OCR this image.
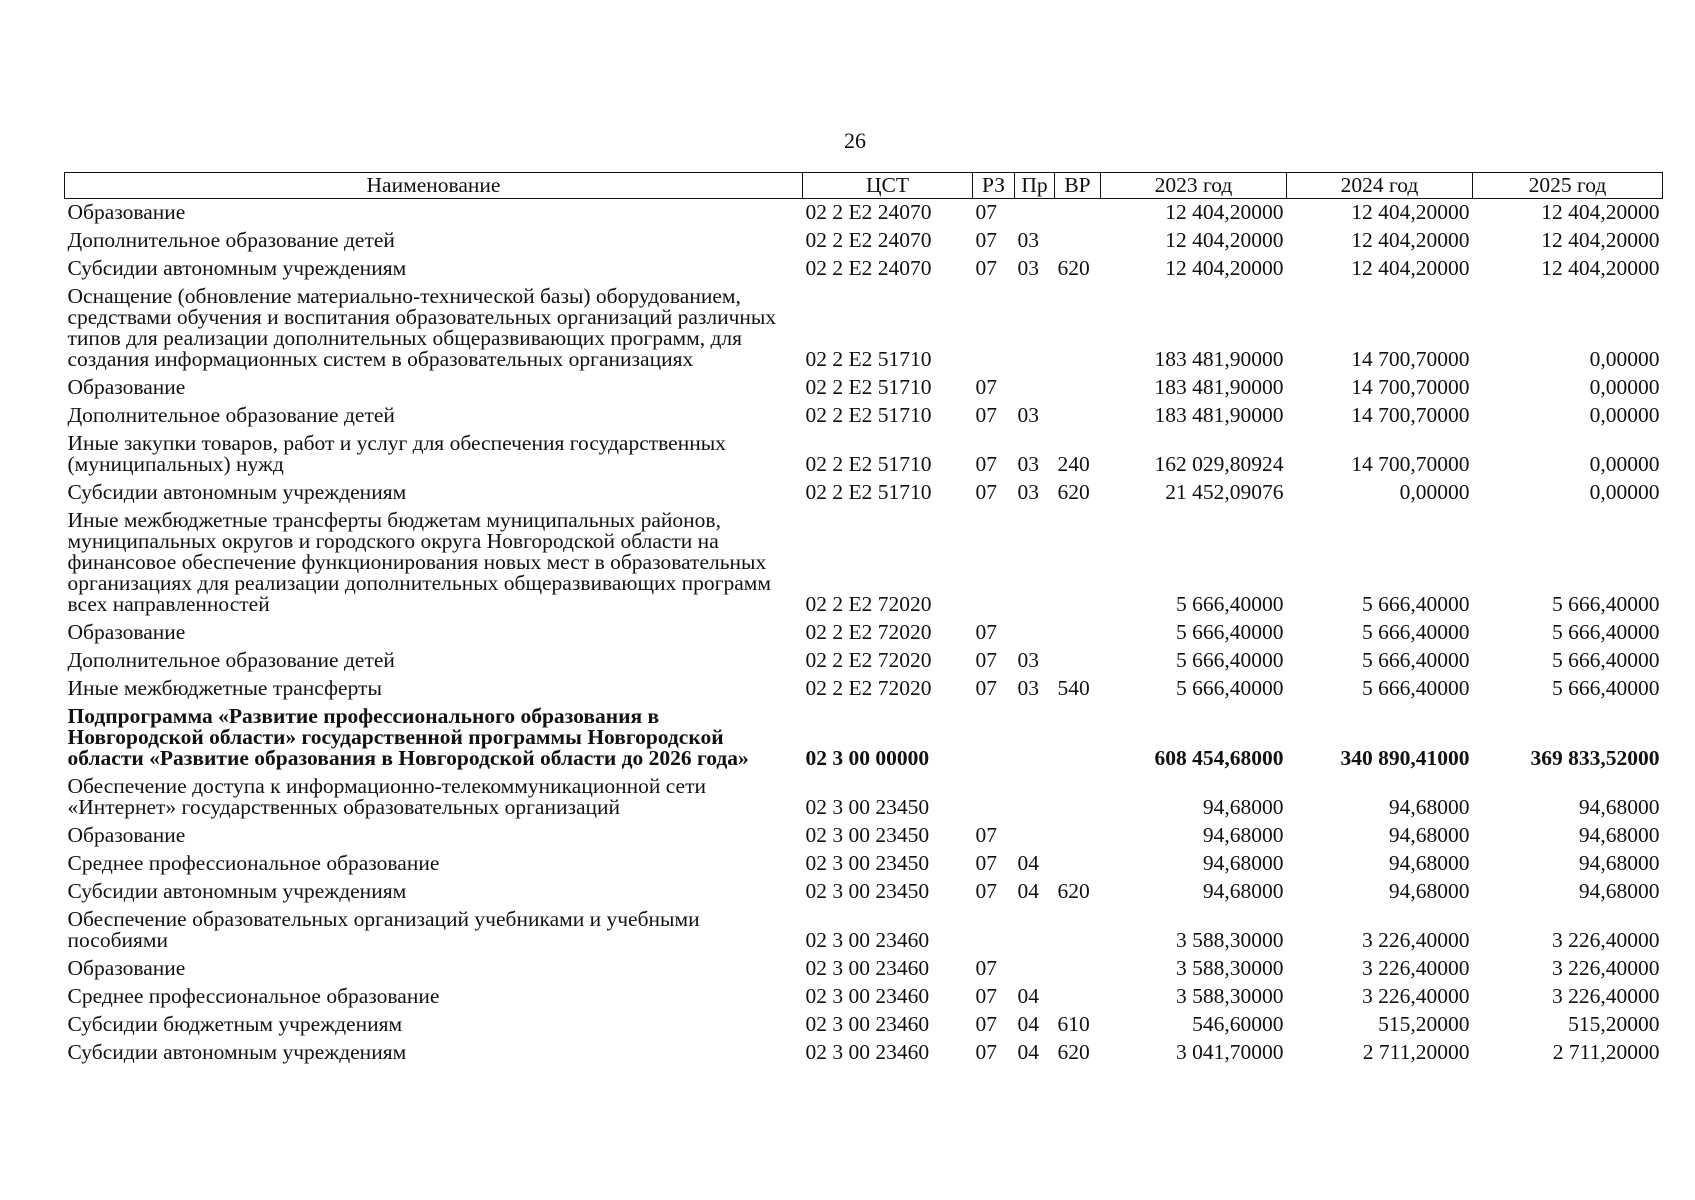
26
Наименование	ЦСТ	РЗ	Пр	ВР	2023 год	2024 год	2025 год
Образование	02 2 Е2 24070	07			12 404,20000	12 404,20000	12 404,20000
Дополнительное образование детей	02 2 Е2 24070	07	03		12 404,20000	12 404,20000	12 404,20000
Субсидии автономным учреждениям	02 2 Е2 24070	07	03	620	12 404,20000	12 404,20000	12 404,20000
Оснащение (обновление материально-технической базы) оборудованием, средствами обучения и воспитания образовательных организаций различных типов для реализации дополнительных общеразвивающих программ, для создания информационных систем в образовательных организациях	02 2 Е2 51710				183 481,90000	14 700,70000	0,00000
Образование	02 2 Е2 51710	07			183 481,90000	14 700,70000	0,00000
Дополнительное образование детей	02 2 Е2 51710	07	03		183 481,90000	14 700,70000	0,00000
Иные закупки товаров, работ и услуг для обеспечения государственных (муниципальных) нужд	02 2 Е2 51710	07	03	240	162 029,80924	14 700,70000	0,00000
Субсидии автономным учреждениям	02 2 Е2 51710	07	03	620	21 452,09076	0,00000	0,00000
Иные межбюджетные трансферты бюджетам муниципальных районов, муниципальных округов и городского округа Новгородской области на финансовое обеспечение функционирования новых мест в образовательных организациях для реализации дополнительных общеразвивающих программ всех направленностей	02 2 Е2 72020				5 666,40000	5 666,40000	5 666,40000
Образование	02 2 Е2 72020	07			5 666,40000	5 666,40000	5 666,40000
Дополнительное образование детей	02 2 Е2 72020	07	03		5 666,40000	5 666,40000	5 666,40000
Иные межбюджетные трансферты	02 2 Е2 72020	07	03	540	5 666,40000	5 666,40000	5 666,40000
Подпрограмма «Развитие профессионального образования в Новгородской области» государственной программы Новгородской области «Развитие образования в Новгородской области до 2026 года»	02 3 00 00000				608 454,68000	340 890,41000	369 833,52000
Обеспечение доступа к информационно-телекоммуникационной сети «Интернет» государственных образовательных организаций	02 3 00 23450				94,68000	94,68000	94,68000
Образование	02 3 00 23450	07			94,68000	94,68000	94,68000
Среднее профессиональное образование	02 3 00 23450	07	04		94,68000	94,68000	94,68000
Субсидии автономным учреждениям	02 3 00 23450	07	04	620	94,68000	94,68000	94,68000
Обеспечение образовательных организаций учебниками и учебными пособиями	02 3 00 23460				3 588,30000	3 226,40000	3 226,40000
Образование	02 3 00 23460	07			3 588,30000	3 226,40000	3 226,40000
Среднее профессиональное образование	02 3 00 23460	07	04		3 588,30000	3 226,40000	3 226,40000
Субсидии бюджетным учреждениям	02 3 00 23460	07	04	610	546,60000	515,20000	515,20000
Субсидии автономным учреждениям	02 3 00 23460	07	04	620	3 041,70000	2 711,20000	2 711,20000
